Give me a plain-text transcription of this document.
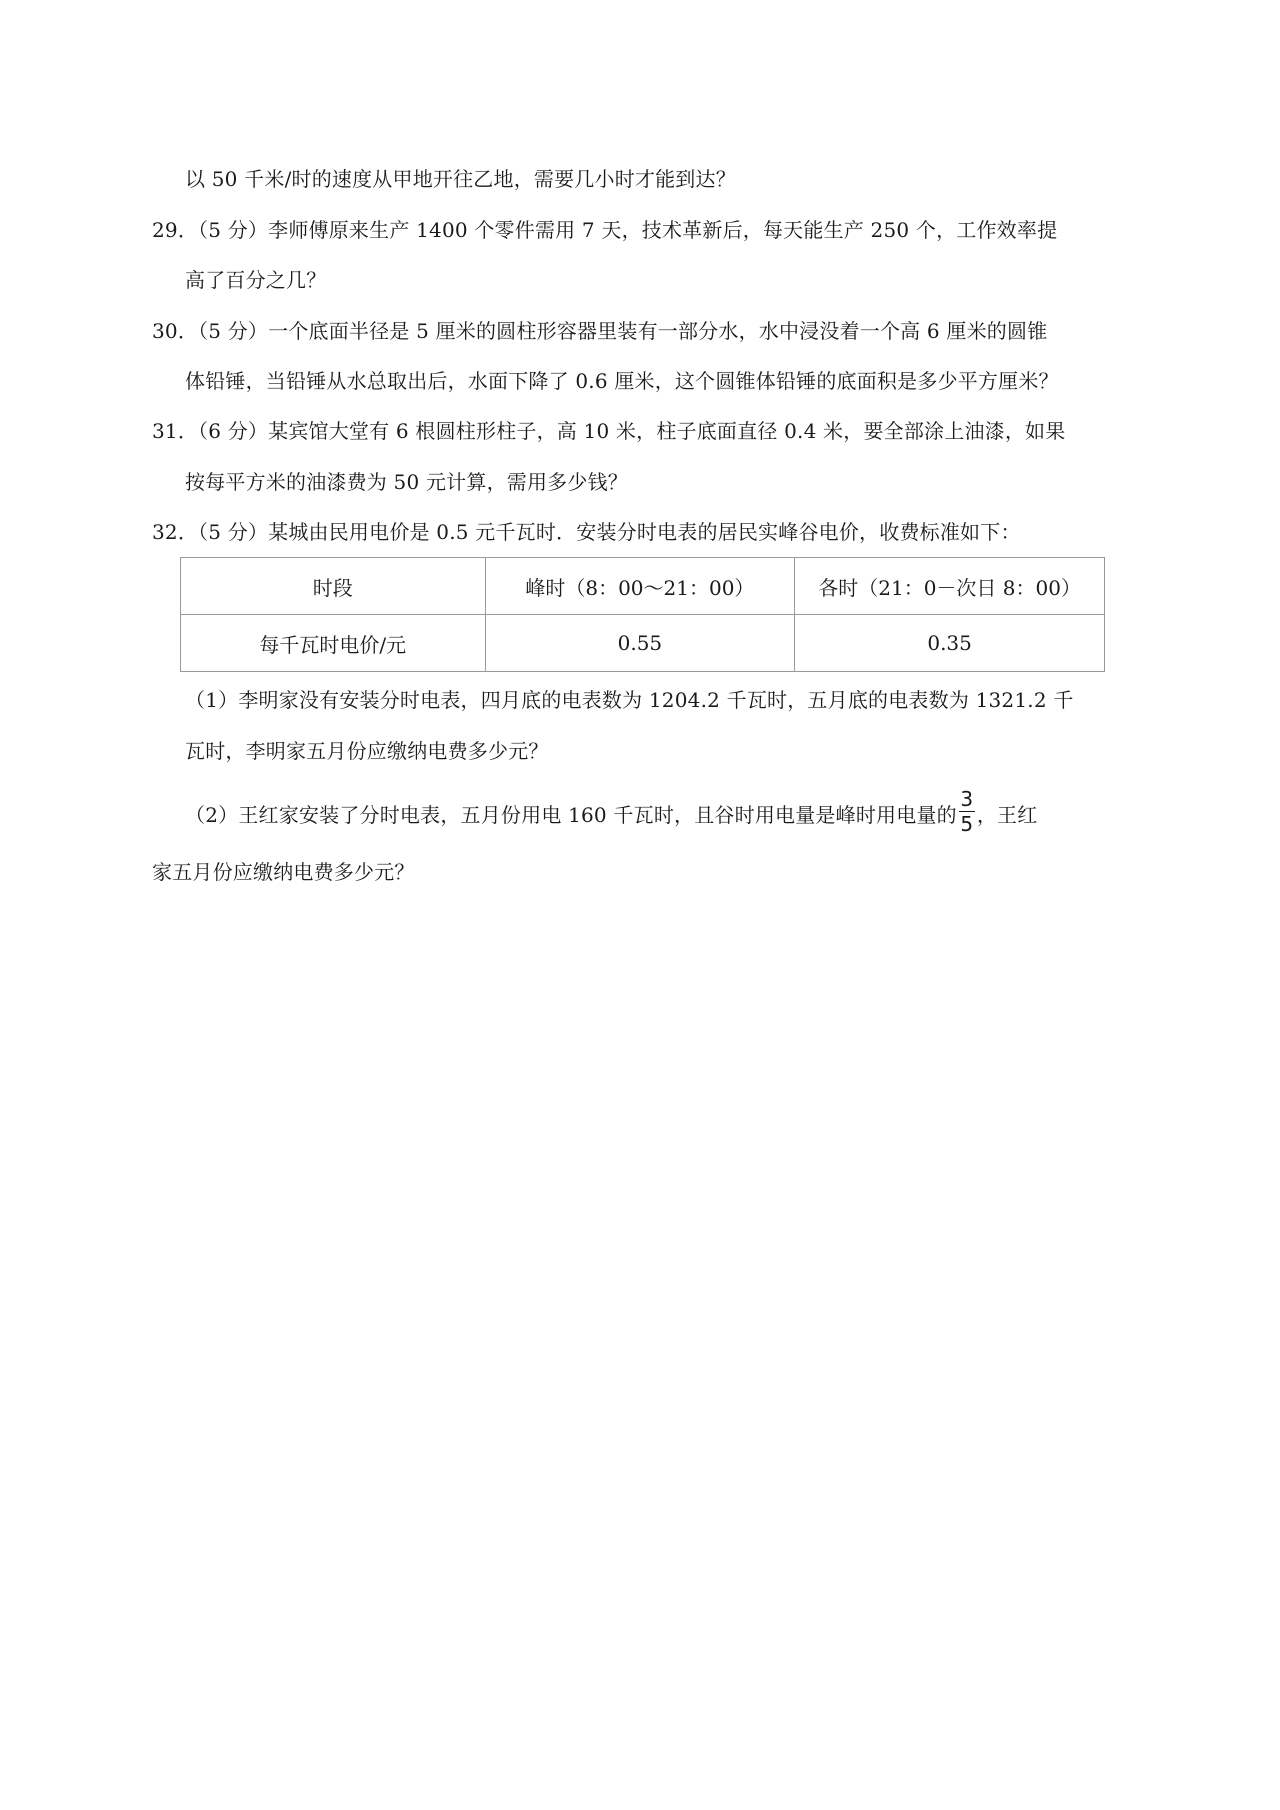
以 50 千米/时的速度从甲地开往乙地，需要几小时才能到达？
29．（5 分）李师傅原来生产 1400 个零件需用 7 天，技术革新后，每天能生产 250 个，工作效率提
高了百分之几？
30．（5 分）一个底面半径是 5 厘米的圆柱形容器里装有一部分水，水中浸没着一个高 6 厘米的圆锥
体铅锤，当铅锤从水总取出后，水面下降了 0.6 厘米，这个圆锥体铅锤的底面积是多少平方厘米？
31．（6 分）某宾馆大堂有 6 根圆柱形柱子，高 10 米，柱子底面直径 0.4 米，要全部涂上油漆，如果
按每平方米的油漆费为 50 元计算，需用多少钱？
32．（5 分）某城由民用电价是 0.5 元千瓦时．安装分时电表的居民实峰谷电价，收费标准如下：
时段	峰时（8：00～21：00）	各时（21：0－次日 8：00）
每千瓦时电价/元	0.55	0.35
（1）李明家没有安装分时电表，四月底的电表数为 1204.2 千瓦时，五月底的电表数为 1321.2 千
瓦时，李明家五月份应缴纳电费多少元？
（2）王红家安装了分时电表，五月份用电 160 千瓦时，且谷时用电量是峰时用电量的 $\frac{3}{5}$ ，王红
家五月份应缴纳电费多少元？
